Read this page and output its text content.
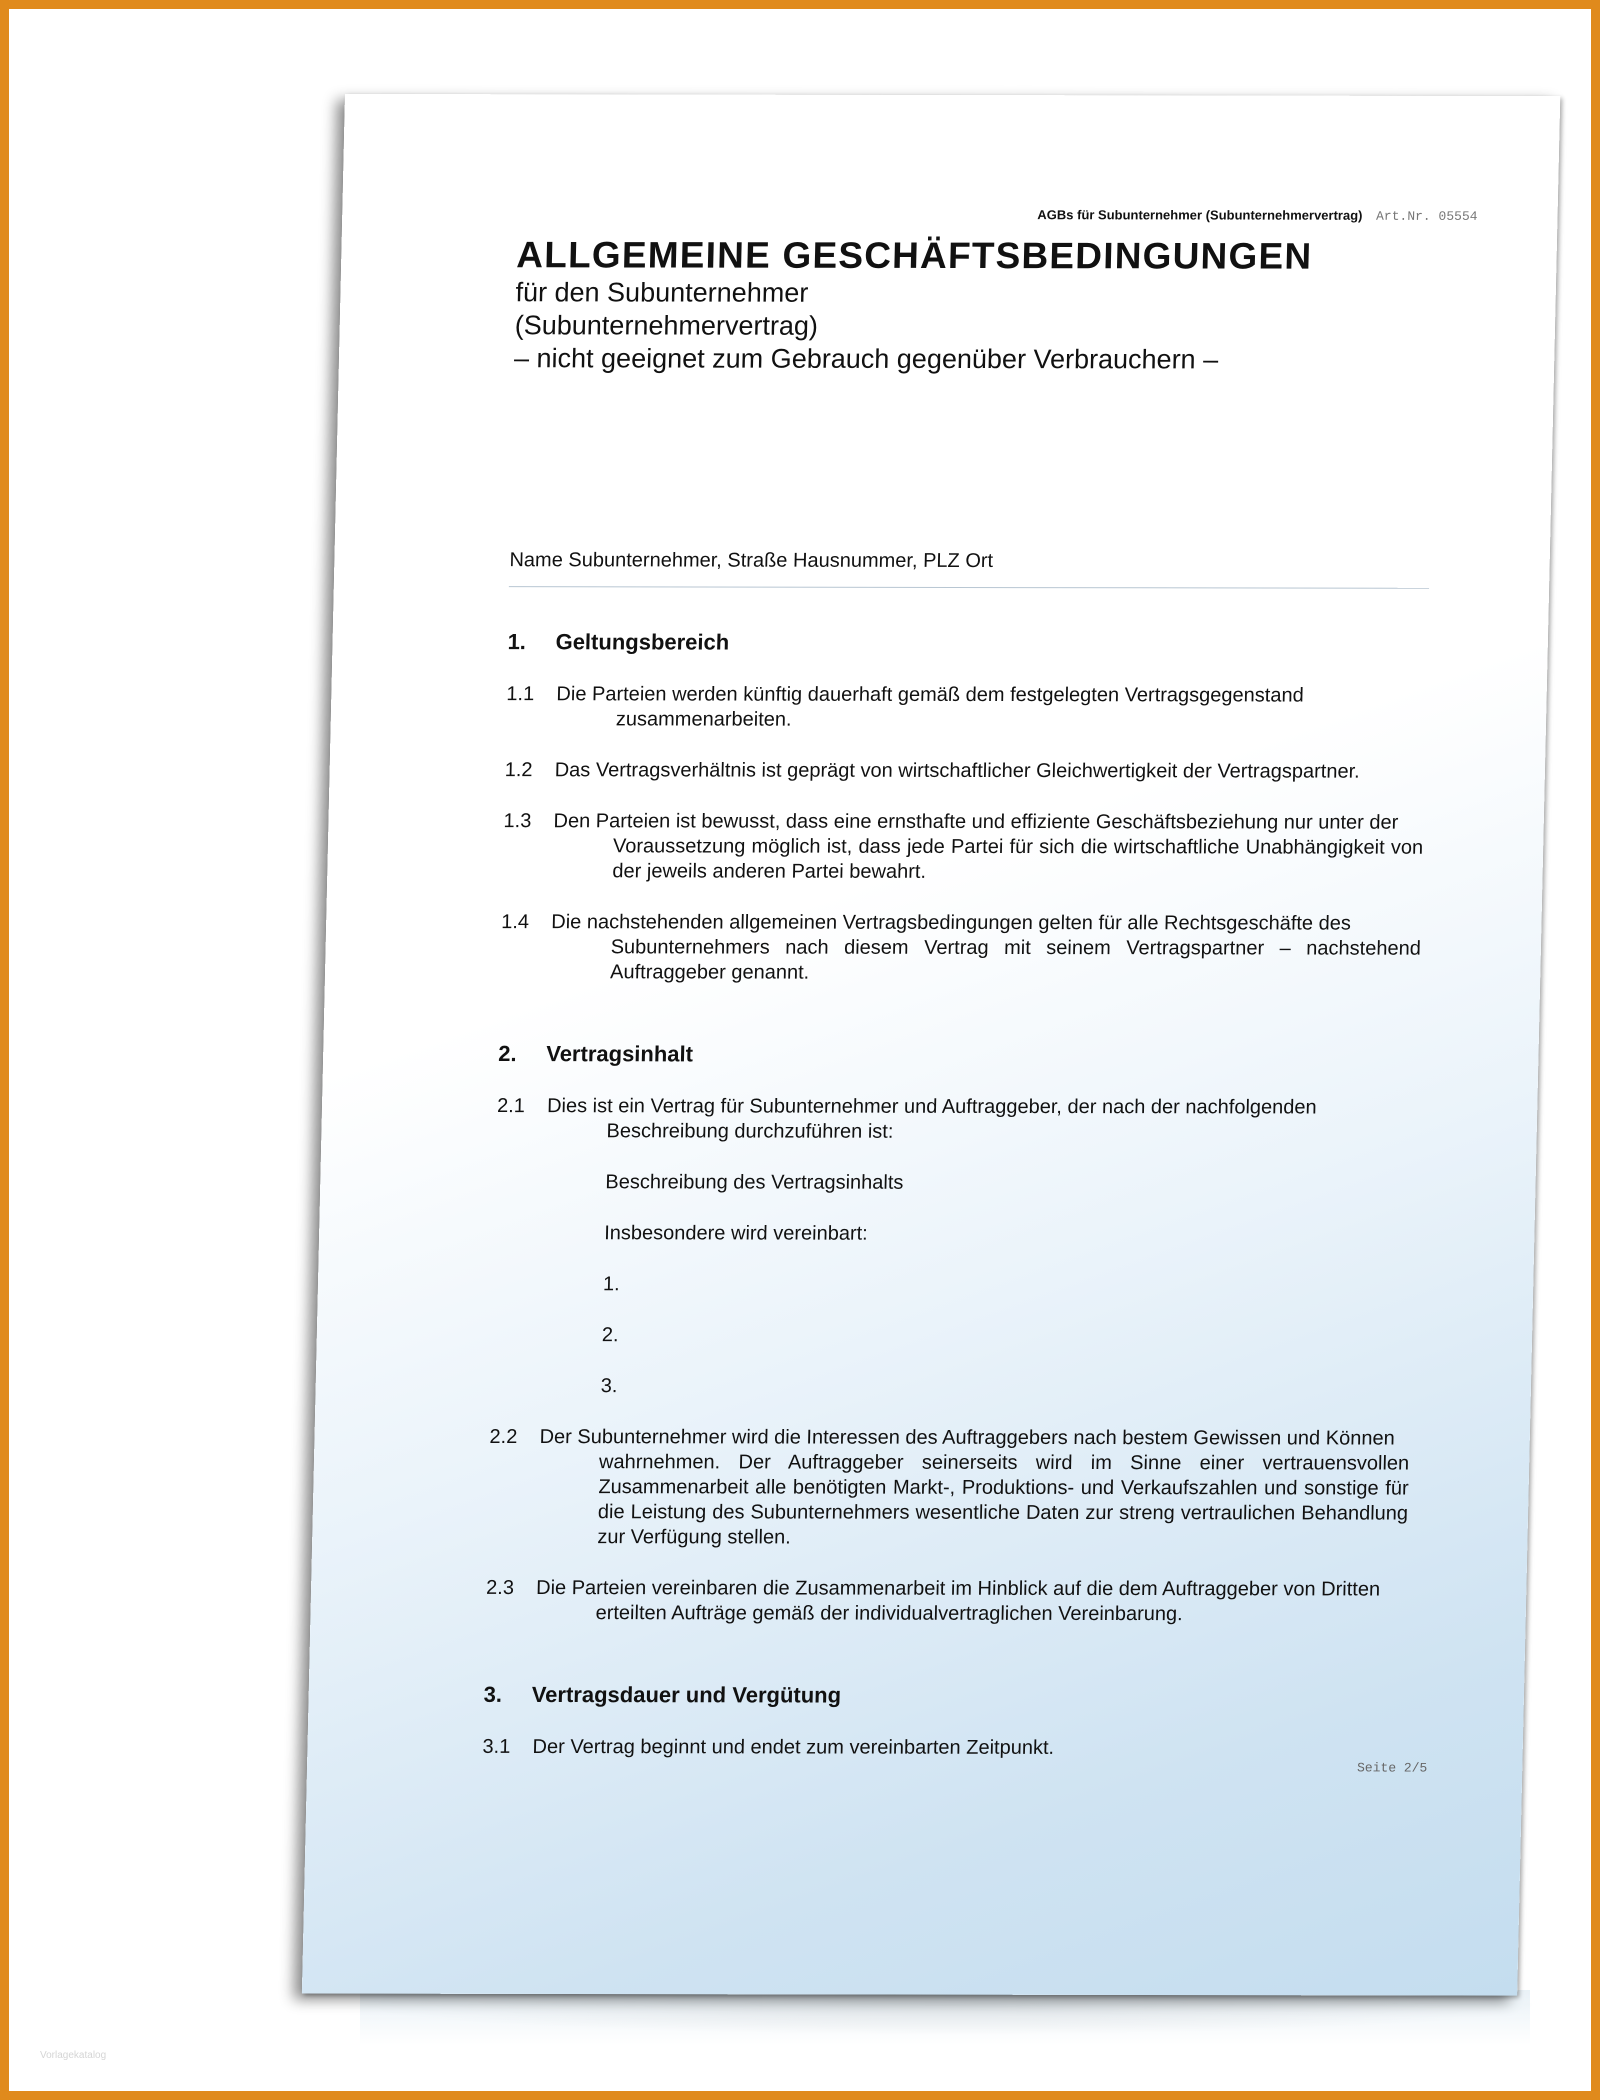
AGBs für Subunternehmer (Subunternehmervertrag) Art.Nr. 05554
ALLGEMEINE GESCHÄFTSBEDINGUNGEN
für den Subunternehmer
(Subunternehmervertrag)
– nicht geeignet zum Gebrauch gegenüber Verbrauchern –
Name Subunternehmer, Straße Hausnummer, PLZ Ort
1.	Geltungsbereich
1.1	Die Parteien werden künftig dauerhaft gemäß dem festgelegten Vertragsgegenstand
zusammenarbeiten.
1.2	Das Vertragsverhältnis ist geprägt von wirtschaftlicher Gleichwertigkeit der Vertragspartner.
1.3	Den Parteien ist bewusst, dass eine ernsthafte und effiziente Geschäftsbeziehung nur unter der
Voraussetzung möglich ist, dass jede Partei für sich die wirtschaftliche Unabhängigkeit von der jeweils anderen Partei bewahrt.
1.4	Die nachstehenden allgemeinen Vertragsbedingungen gelten für alle Rechtsgeschäfte des
Subunternehmers nach diesem Vertrag mit seinem Vertragspartner – nachstehend Auftraggeber genannt.
2.	Vertragsinhalt
2.1	Dies ist ein Vertrag für Subunternehmer und Auftraggeber, der nach der nachfolgenden
Beschreibung durchzuführen ist:
Beschreibung des Vertragsinhalts
Insbesondere wird vereinbart:
1.
2.
3.
2.2	Der Subunternehmer wird die Interessen des Auftraggebers nach bestem Gewissen und Können
wahrnehmen. Der Auftraggeber seinerseits wird im Sinne einer vertrauensvollen Zusammenarbeit alle benötigten Markt-, Produktions- und Verkaufszahlen und sonstige für die Leistung des Subunternehmers wesentliche Daten zur streng vertraulichen Behandlung zur Verfügung stellen.
2.3	Die Parteien vereinbaren die Zusammenarbeit im Hinblick auf die dem Auftraggeber von Dritten
erteilten Aufträge gemäß der individualvertraglichen Vereinbarung.
3.	Vertragsdauer und Vergütung
3.1	Der Vertrag beginnt und endet zum vereinbarten Zeitpunkt.
Seite 2/5
Vorlagekatalog
